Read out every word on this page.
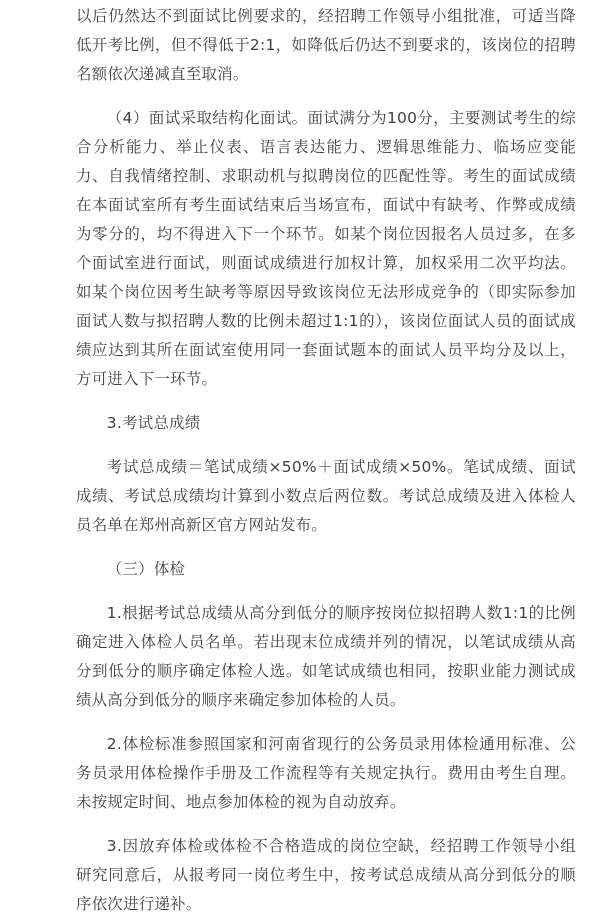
以后仍然达不到面试比例要求的，经招聘工作领导小组批准，可适当降低开考比例，但不得低于2:1，如降低后仍达不到要求的，该岗位的招聘名额依次递减直至取消。

（4）面试采取结构化面试。面试满分为100分，主要测试考生的综合分析能力、举止仪表、语言表达能力、逻辑思维能力、临场应变能力、自我情绪控制、求职动机与拟聘岗位的匹配性等。考生的面试成绩在本面试室所有考生面试结束后当场宣布，面试中有缺考、作弊或成绩为零分的，均不得进入下一个环节。如某个岗位因报名人员过多，在多个面试室进行面试，则面试成绩进行加权计算，加权采用二次平均法。如某个岗位因考生缺考等原因导致该岗位无法形成竞争的（即实际参加面试人数与拟招聘人数的比例未超过1:1的），该岗位面试人员的面试成绩应达到其所在面试室使用同一套面试题本的面试人员平均分及以上，方可进入下一环节。

3.考试总成绩

考试总成绩＝笔试成绩×50%＋面试成绩×50%。笔试成绩、面试成绩、考试总成绩均计算到小数点后两位数。考试总成绩及进入体检人员名单在郑州高新区官方网站发布。

（三）体检

1.根据考试总成绩从高分到低分的顺序按岗位拟招聘人数1:1的比例确定进入体检人员名单。若出现末位成绩并列的情况，以笔试成绩从高分到低分的顺序确定体检人选。如笔试成绩也相同，按职业能力测试成绩从高分到低分的顺序来确定参加体检的人员。

2.体检标准参照国家和河南省现行的公务员录用体检通用标准、公务员录用体检操作手册及工作流程等有关规定执行。费用由考生自理。未按规定时间、地点参加体检的视为自动放弃。

3.因放弃体检或体检不合格造成的岗位空缺，经招聘工作领导小组研究同意后，从报考同一岗位考生中，按考试总成绩从高分到低分的顺序依次进行递补。
